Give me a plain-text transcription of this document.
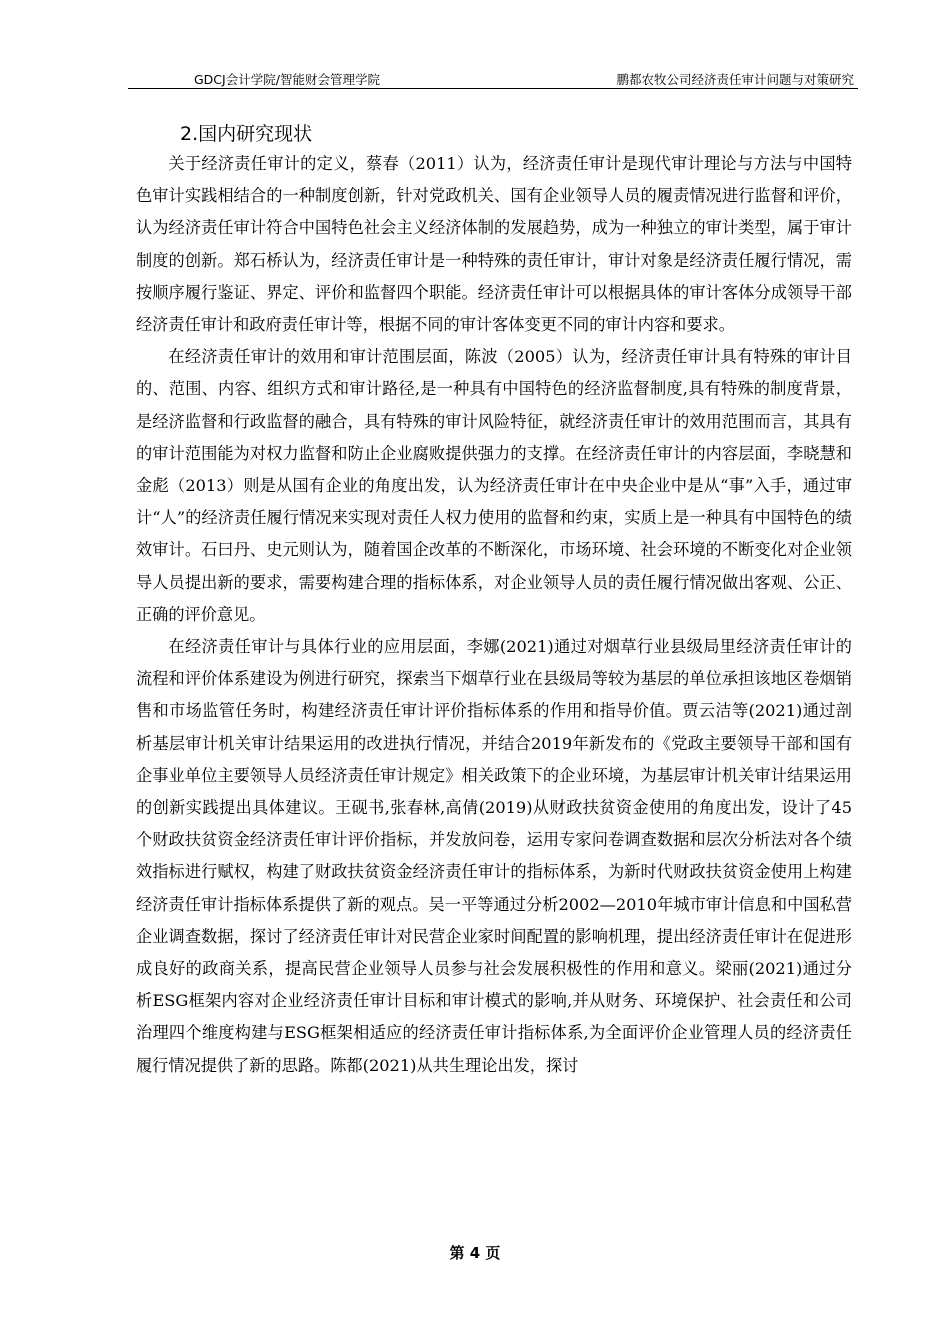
GDCJ会计学院/智能财会管理学院	鹏都农牧公司经济责任审计问题与对策研究
2.国内研究现状

关于经济责任审计的定义，蔡春（2011）认为，经济责任审计是现代审计理论与方法与中国特色审计实践相结合的一种制度创新，针对党政机关、国有企业领导人员的履责情况进行监督和评价，认为经济责任审计符合中国特色社会主义经济体制的发展趋势，成为一种独立的审计类型，属于审计制度的创新。郑石桥认为，经济责任审计是一种特殊的责任审计，审计对象是经济责任履行情况，需按顺序履行鉴证、界定、评价和监督四个职能。经济责任审计可以根据具体的审计客体分成领导干部经济责任审计和政府责任审计等，根据不同的审计客体变更不同的审计内容和要求。

在经济责任审计的效用和审计范围层面，陈波（2005）认为，经济责任审计具有特殊的审计目的、范围、内容、组织方式和审计路径,是一种具有中国特色的经济监督制度,具有特殊的制度背景，是经济监督和行政监督的融合，具有特殊的审计风险特征，就经济责任审计的效用范围而言，其具有的审计范围能为对权力监督和防止企业腐败提供强力的支撑。在经济责任审计的内容层面，李晓慧和金彪（2013）则是从国有企业的角度出发，认为经济责任审计在中央企业中是从“事”入手，通过审计“人”的经济责任履行情况来实现对责任人权力使用的监督和约束，实质上是一种具有中国特色的绩效审计。石曰丹、史元则认为，随着国企改革的不断深化，市场环境、社会环境的不断变化对企业领导人员提出新的要求，需要构建合理的指标体系，对企业领导人员的责任履行情况做出客观、公正、正确的评价意见。

在经济责任审计与具体行业的应用层面，李娜(2021)通过对烟草行业县级局里经济责任审计的流程和评价体系建设为例进行研究，探索当下烟草行业在县级局等较为基层的单位承担该地区卷烟销售和市场监管任务时，构建经济责任审计评价指标体系的作用和指导价值。贾云洁等(2021)通过剖析基层审计机关审计结果运用的改进执行情况，并结合2019年新发布的《党政主要领导干部和国有企事业单位主要领导人员经济责任审计规定》相关政策下的企业环境，为基层审计机关审计结果运用的创新实践提出具体建议。王砚书,张春林,高倩(2019)从财政扶贫资金使用的角度出发，设计了45个财政扶贫资金经济责任审计评价指标，并发放问卷，运用专家问卷调查数据和层次分析法对各个绩效指标进行赋权，构建了财政扶贫资金经济责任审计的指标体系，为新时代财政扶贫资金使用上构建经济责任审计指标体系提供了新的观点。吴一平等通过分析2002—2010年城市审计信息和中国私营企业调查数据，探讨了经济责任审计对民营企业家时间配置的影响机理，提出经济责任审计在促进形成良好的政商关系，提高民营企业领导人员参与社会发展积极性的作用和意义。梁丽(2021)通过分析ESG框架内容对企业经济责任审计目标和审计模式的影响,并从财务、环境保护、社会责任和公司治理四个维度构建与ESG框架相适应的经济责任审计指标体系,为全面评价企业管理人员的经济责任履行情况提供了新的思路。陈都(2021)从共生理论出发，探讨

第 4 页
